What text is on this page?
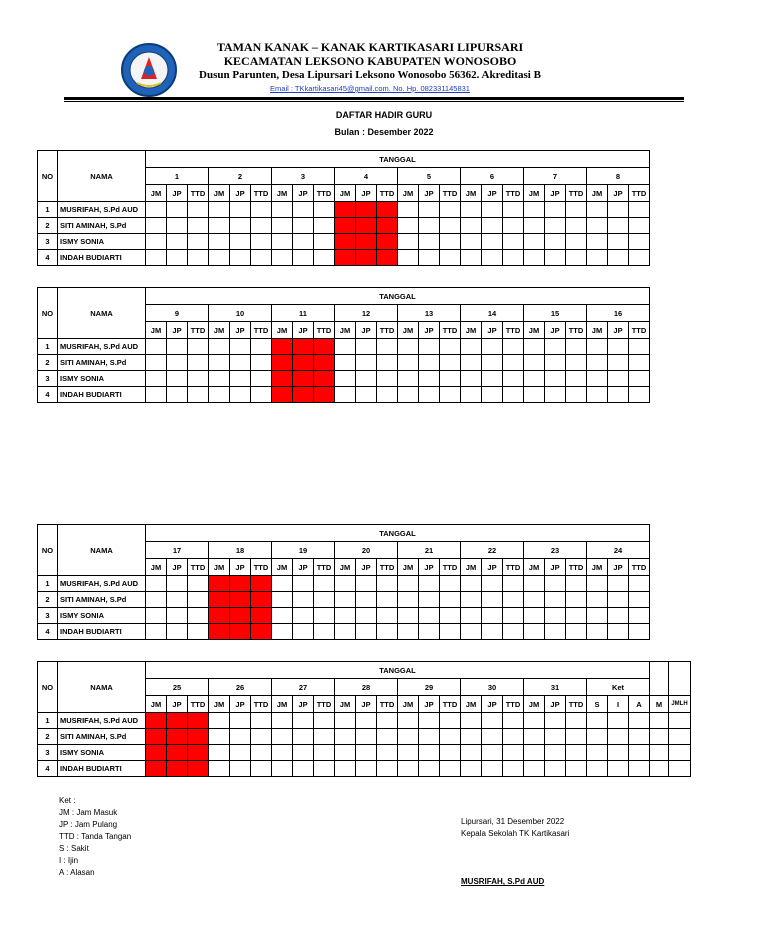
TAMAN KANAK – KANAK KARTIKASARI LIPURSARI
KECAMATAN LEKSONO KABUPATEN WONOSOBO
Dusun Parunten, Desa Lipursari Leksono Wonosobo 56362. Akreditasi B
Email : TKkartikasari45@gmail.com. No. Hp. 082331145831
DAFTAR HADIR GURU
Bulan : Desember 2022
NO	NAMA	TANGGAL																							
		1			2			3			4			5			6			7			8		
		JM	JP	TTD	JM	JP	TTD	JM	JP	TTD	JM	JP	TTD	JM	JP	TTD	JM	JP	TTD	JM	JP	TTD	JM	JP	TTD
1	MUSRIFAH, S.Pd AUD																								
2	SITI AMINAH, S.Pd																								
3	ISMY SONIA																								
4	INDAH BUDIARTI																								
NO	NAMA	TANGGAL																							
		9			10			11			12			13			14			15			16		
		JM	JP	TTD	JM	JP	TTD	JM	JP	TTD	JM	JP	TTD	JM	JP	TTD	JM	JP	TTD	JM	JP	TTD	JM	JP	TTD
1	MUSRIFAH, S.Pd AUD																								
2	SITI AMINAH, S.Pd																								
3	ISMY SONIA																								
4	INDAH BUDIARTI																								
NO	NAMA	TANGGAL																							
		17			18			19			20			21			22			23			24		
		JM	JP	TTD	JM	JP	TTD	JM	JP	TTD	JM	JP	TTD	JM	JP	TTD	JM	JP	TTD	JM	JP	TTD	JM	JP	TTD
1	MUSRIFAH, S.Pd AUD																								
2	SITI AMINAH, S.Pd																								
3	ISMY SONIA																								
4	INDAH BUDIARTI																								
NO	NAMA	TANGGAL																									
		25			26			27			28			29			30			31			Ket				
		JM	JP	TTD	JM	JP	TTD	JM	JP	TTD	JM	JP	TTD	JM	JP	TTD	JM	JP	TTD	JM	JP	TTD	S	I	A	M	JMLH
1	MUSRIFAH, S.Pd AUD																										
2	SITI AMINAH, S.Pd																										
3	ISMY SONIA																										
4	INDAH BUDIARTI																										
Ket :
JM : Jam Masuk
JP : Jam Pulang
TTD : Tanda Tangan
S : Sakit
I : Ijin
A : Alasan
Lipursari, 31 Desember 2022
Kepala Sekolah TK Kartikasari
MUSRIFAH, S.Pd AUD
